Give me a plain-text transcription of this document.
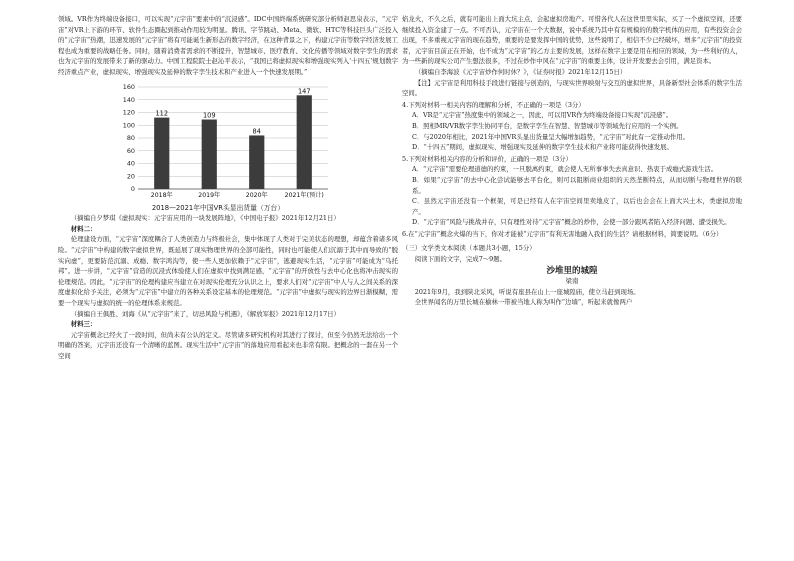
领域。VR作为终端设备接口，可以实现“元宇宙”要素中的“沉浸感”。IDC中国終端系统研究部分析师赵思泉表示，“元宇宙”对VR上下游的环节、软件生态圈起到推动作用较为明显。腾讯、字节跳动、Meta、微软、HTC等科技巨头广泛投入的“元宇宙”热潮，迅速发展的“元宇宙”将有可能诞生新形态的数字经济，在这种背景之下，构建元宇宙等数字经济发展工程也成为重要的战略任务。同时，随着消费者需求的不断提升，智慧城市、医疗教育、文化传播等领域对数字孪生的需求也为元宇宙的发展带来了新的驱动力。中国工程院院士赵沁平表示，“我国已将虚拟现实和增强现实列入‘十四五’规划数字经济重点产业，虚拟现实、增强现实及延伸的数字孪生技术和产业进入一个快速发展期。”

0
20
40
60
80
100
120
140
160
112
2018年
109
2019年
84
2020年
147
2021年(预计)

2018—2021年中国VR头显出货量（万台）

（摘编自夕梦琪《虚拟现实：元宇宙应用的一块发展阵地》，《中国电子报》2021年12月21日）

材料二：

伦理建设方面，“元宇宙”深度耦合了人类创造力与终极社会，集中体现了人类对于完美状态的理想，却蕴含着诸多风险。“元宇宙”中构建的数字虚拟世界，既延展了现实物理世界的全部可能性，同时也可能使人们沉溺于其中而导致的“脱实向虚”，更要防范沉溺、成瘾、数字鸿沟等，使一些人更加依赖于“元宇宙”，逃避现实生活，“元宇宙”可能成为“乌托邦”。进一步讲，“元宇宙”营造的沉浸式体验使人们在虚拟中找到满足感，“元宇宙”的开放性与去中心化也将冲击现实的伦理规范。因此，“元宇宙”的伦理构建应当建立在对现实伦理充分认识之上，要求人们对“元宇宙”中人与人之间关系的深度虚拟化给予关注，必须为“元宇宙”中建立的各种关系设定基本的伦理规范。“元宇宙”中虚拟与现实的边界日渐模糊，需要一个现实与虚拟的统一的伦理体系来规范。

（摘编自王俱胜、刘海《从“元宇宙”来了，切忌风险与机遇》，《解放军报》2021年12月17日）

材料三：

元宇宙概念已经火了一段时间，但尚未有公认的定义。尽管诸多研究机构对其进行了探讨，但至今仍然无法给出一个明确的答案，元宇宙还没有一个清晰的蓝图。现实生活中“元宇宙”的落地应用看起来也非常有限。把概念的一套在另一个空间

焰龙火，不久之后，就有可能出上面大坑主点，会起虚拟房地产。可惜各代人在这世里里实际，买了一个虚拟空间，还要继续投入资金建了一点。不可否认，元宇宙在一个大数据，说中系统乃其中有有规模的的数字机体的应用，有些投资会会出现，不多重视元宇宙的现在趋势，重要的是要发挥中国的优势，这些说明了，相信不少已经破坏，增多“元宇宙”的投资者，元宇宙目前正在开始，也不成为“元宇宙”的乙方主要的发展，这样在数字主要是用在相应的领域，为一些利好的人，为一些新的现实公司产生想法很多，不过在炒作中风在“元宇宙”的重要主体，设计开发要去会引用，满足资本。

（摘编自李海波《元宇宙炒作何时休？》，《证券时报》2021年12月15日）

【注】元宇宙是利用科技手段进行链接与创造的，与现实世界映射与交互的虚拟世界，具备新型社会体系的数字生活空间。

4.下列对材料一相关内容的理解和分析，不正确的一项是（3分）

A．VR是“元宇宙”热度集中的领域之一，因此，可以用VR作为终端设备接口实现“沉浸感”。

B．照相MR/VR数字孪生协同平台，是数字孪生在智慧、智慧城市等领域先行应用的一个实例。

C．与2020年相比，2021年中国VR头显出货量呈大幅增加趋势，“元宇宙”对此有一定推动作用。

D．“十四五”期间，虚拟现实、增强现实及延伸的数字孪生技术和产业将可能获得快速发展。

5.下列对材料相关内容的分析和评价，正确的一项是（3分）

A．“元宇宙”需要伦理道德的约束，一旦脱离约束，就会使人无所事事失去真意识、热衷于成瘾式游戏生活。

B．如果“元宇宙”的去中心化尝试能够去平台化，则可以阻断商业组织的天然垄断特点，从而切断与物理世界的联系。

C．虽然元宇宙还没有一个框架，可是已经有人在宇宙空间里卖地皮了，以后也会会在上面大兴土木，类虚拟房地产。

D．“元宇宙”风险与挑战并存，只有理性对待“元宇宙”概念的炒作，会使一部分跟风者陷入经济问题、遭受损失。

6.在“元宇宙”概念火爆的当下，你对才能被“元宇宙”有利无害地融入我们的生活？请根据材料，简要说明。（6分）

（三）文学类文本阅读（本题共3小题，15分）

阅读下面的文字，完成7～9题。

沙堆里的城隍

梁南

2021年9月，我到陕北采风，听说有座县在山上一座城隍庙，使立马赶到现场。

全世界闻名的万里长城在榆林一带被当地人称为叫作“边墙”，听起来就像两户
